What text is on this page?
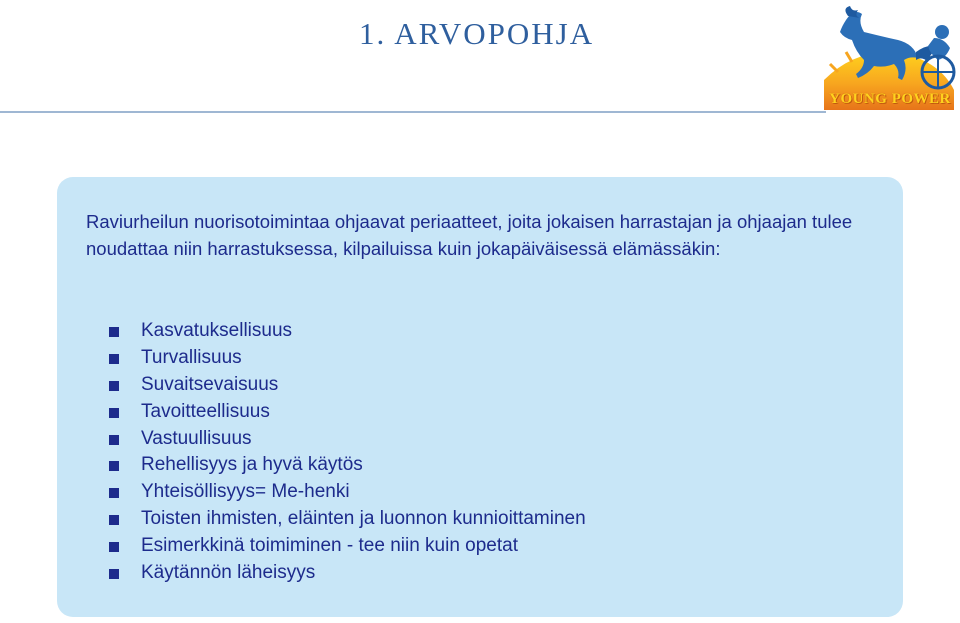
1. ARVOPOHJA
YOUNG POWER

Raviurheilun nuorisotoimintaa ohjaavat periaatteet, joita jokaisen harrastajan ja ohjaajan tulee noudattaa niin harrastuksessa, kilpailuissa kuin jokapäiväisessä elämässäkin:

Kasvatuksellisuus
Turvallisuus
Suvaitsevaisuus
Tavoitteellisuus
Vastuullisuus
Rehellisyys ja hyvä käytös
Yhteisöllisyys= Me-henki
Toisten ihmisten, eläinten ja luonnon kunnioittaminen
Esimerkkinä toimiminen - tee niin kuin opetat
Käytännön läheisyys
